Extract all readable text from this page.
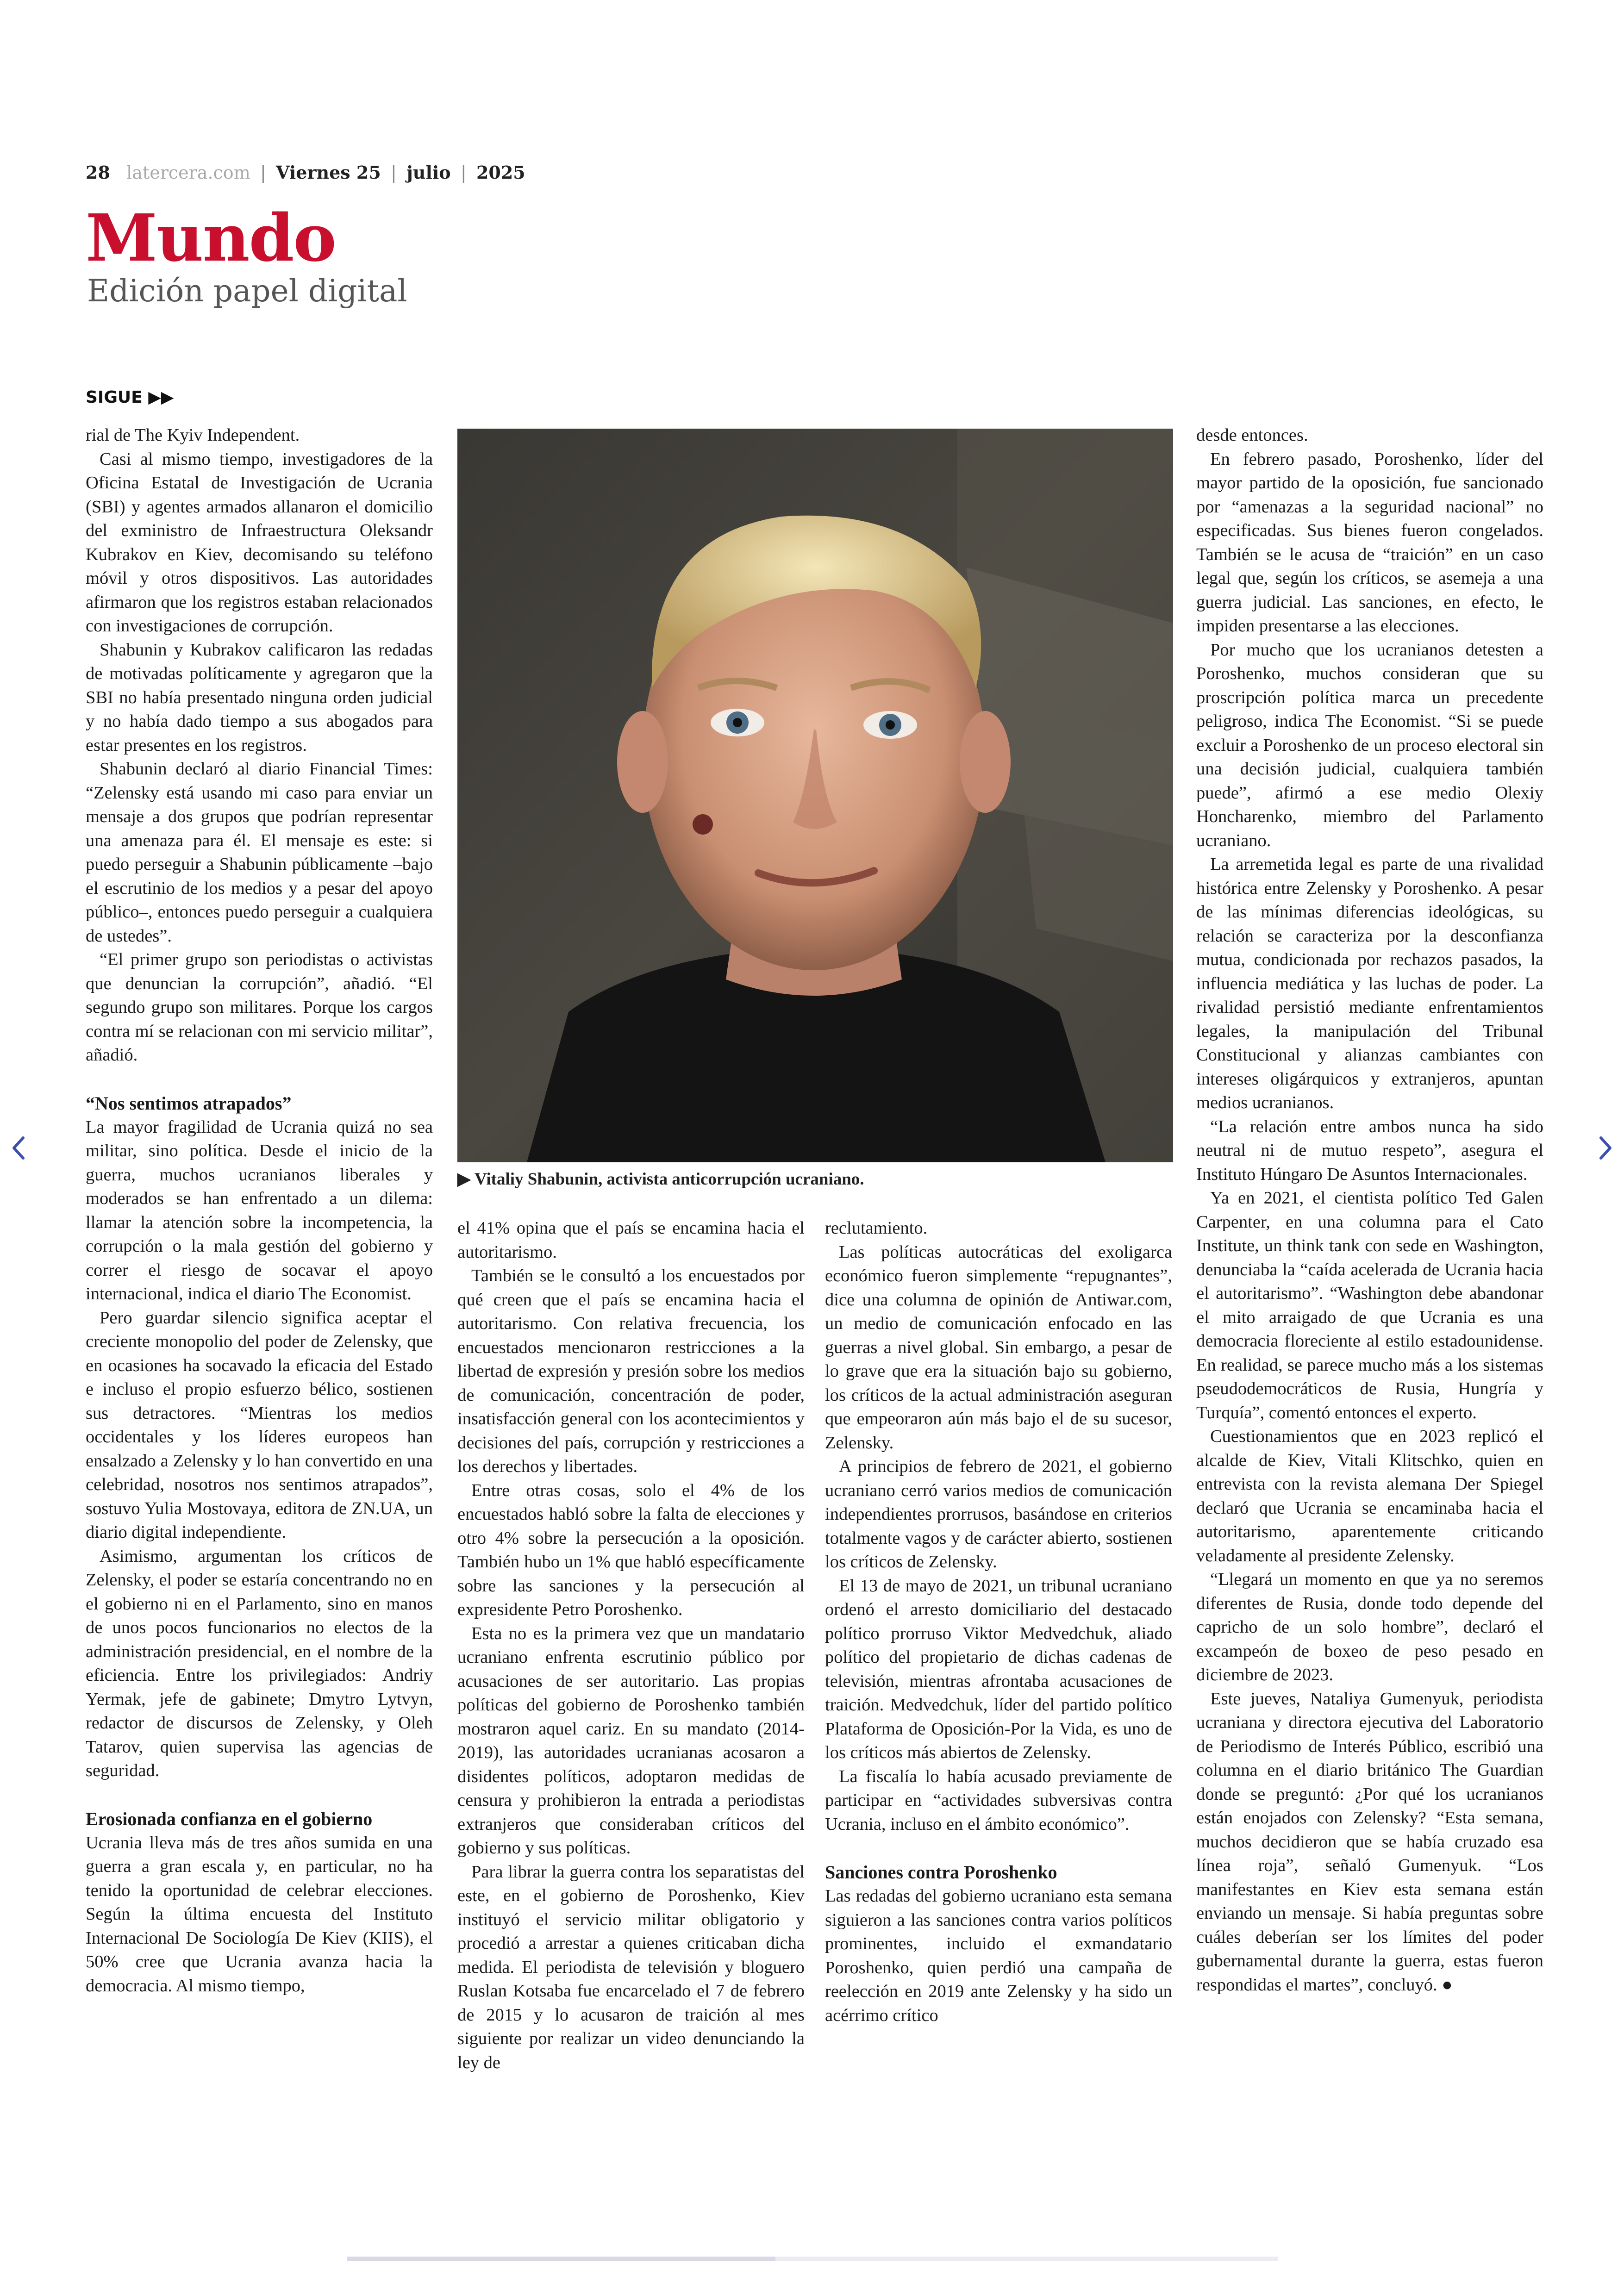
28 latercera.com | Viernes 25 | julio | 2025
Mundo
Edición papel digital
SIGUE ▶▶

rial de The Kyiv Independent.

Casi al mismo tiempo, investigadores de la Oficina Estatal de Investigación de Ucrania (SBI) y agentes armados allanaron el domicilio del exministro de Infraestructura Oleksandr Kubrakov en Kiev, decomisando su teléfono móvil y otros dispositivos. Las autoridades afirmaron que los registros estaban relacionados con investigaciones de corrupción.

Shabunin y Kubrakov calificaron las redadas de motivadas políticamente y agregaron que la SBI no había presentado ninguna orden judicial y no había dado tiempo a sus abogados para estar presentes en los registros.

Shabunin declaró al diario Financial Times: “Zelensky está usando mi caso para enviar un mensaje a dos grupos que podrían representar una amenaza para él. El mensaje es este: si puedo perseguir a Shabunin públicamente –bajo el escrutinio de los medios y a pesar del apoyo público–, entonces puedo perseguir a cualquiera de ustedes”.

“El primer grupo son periodistas o activistas que denuncian la corrupción”, añadió. “El segundo grupo son militares. Porque los cargos contra mí se relacionan con mi servicio militar”, añadió.

“Nos sentimos atrapados”

La mayor fragilidad de Ucrania quizá no sea militar, sino política. Desde el inicio de la guerra, muchos ucranianos liberales y moderados se han enfrentado a un dilema: llamar la atención sobre la incompetencia, la corrupción o la mala gestión del gobierno y correr el riesgo de socavar el apoyo internacional, indica el diario The Economist.

Pero guardar silencio significa aceptar el creciente monopolio del poder de Zelensky, que en ocasiones ha socavado la eficacia del Estado e incluso el propio esfuerzo bélico, sostienen sus detractores. “Mientras los medios occidentales y los líderes europeos han ensalzado a Zelensky y lo han convertido en una celebridad, nosotros nos sentimos atrapados”, sostuvo Yulia Mostovaya, editora de ZN.UA, un diario digital independiente.

Asimismo, argumentan los críticos de Zelensky, el poder se estaría concentrando no en el gobierno ni en el Parlamento, sino en manos de unos pocos funcionarios no electos de la administración presidencial, en el nombre de la eficiencia. Entre los privilegiados: Andriy Yermak, jefe de gabinete; Dmytro Lytvyn, redactor de discursos de Zelensky, y Oleh Tatarov, quien supervisa las agencias de seguridad.

Erosionada confianza en el gobierno

Ucrania lleva más de tres años sumida en una guerra a gran escala y, en particular, no ha tenido la oportunidad de celebrar elecciones. Según la última encuesta del Instituto Internacional De Sociología De Kiev (KIIS), el 50% cree que Ucrania avanza hacia la democracia. Al mismo tiempo,

▶ Vitaliy Shabunin, activista anticorrupción ucraniano.

el 41% opina que el país se encamina hacia el autoritarismo.

También se le consultó a los encuestados por qué creen que el país se encamina hacia el autoritarismo. Con relativa frecuencia, los encuestados mencionaron restricciones a la libertad de expresión y presión sobre los medios de comunicación, concentración de poder, insatisfacción general con los acontecimientos y decisiones del país, corrupción y restricciones a los derechos y libertades.

Entre otras cosas, solo el 4% de los encuestados habló sobre la falta de elecciones y otro 4% sobre la persecución a la oposición. También hubo un 1% que habló específicamente sobre las sanciones y la persecución al expresidente Petro Poroshenko.

Esta no es la primera vez que un mandatario ucraniano enfrenta escrutinio público por acusaciones de ser autoritario. Las propias políticas del gobierno de Poroshenko también mostraron aquel cariz. En su mandato (2014-2019), las autoridades ucranianas acosaron a disidentes políticos, adoptaron medidas de censura y prohibieron la entrada a periodistas extranjeros que consideraban críticos del gobierno y sus políticas.

Para librar la guerra contra los separatistas del este, en el gobierno de Poroshenko, Kiev instituyó el servicio militar obligatorio y procedió a arrestar a quienes criticaban dicha medida. El periodista de televisión y bloguero Ruslan Kotsaba fue encarcelado el 7 de febrero de 2015 y lo acusaron de traición al mes siguiente por realizar un video denunciando la ley de

reclutamiento.

Las políticas autocráticas del exoligarca económico fueron simplemente “repugnantes”, dice una columna de opinión de Antiwar.com, un medio de comunicación enfocado en las guerras a nivel global. Sin embargo, a pesar de lo grave que era la situación bajo su gobierno, los críticos de la actual administración aseguran que empeoraron aún más bajo el de su sucesor, Zelensky.

A principios de febrero de 2021, el gobierno ucraniano cerró varios medios de comunicación independientes prorrusos, basándose en criterios totalmente vagos y de carácter abierto, sostienen los críticos de Zelensky.

El 13 de mayo de 2021, un tribunal ucraniano ordenó el arresto domiciliario del destacado político prorruso Viktor Medvedchuk, aliado político del propietario de dichas cadenas de televisión, mientras afrontaba acusaciones de traición. Medvedchuk, líder del partido político Plataforma de Oposición-Por la Vida, es uno de los críticos más abiertos de Zelensky.

La fiscalía lo había acusado previamente de participar en “actividades subversivas contra Ucrania, incluso en el ámbito económico”.

Sanciones contra Poroshenko

Las redadas del gobierno ucraniano esta semana siguieron a las sanciones contra varios políticos prominentes, incluido el exmandatario Poroshenko, quien perdió una campaña de reelección en 2019 ante Zelensky y ha sido un acérrimo crítico

desde entonces.

En febrero pasado, Poroshenko, líder del mayor partido de la oposición, fue sancionado por “amenazas a la seguridad nacional” no especificadas. Sus bienes fueron congelados. También se le acusa de “traición” en un caso legal que, según los críticos, se asemeja a una guerra judicial. Las sanciones, en efecto, le impiden presentarse a las elecciones.

Por mucho que los ucranianos detesten a Poroshenko, muchos consideran que su proscripción política marca un precedente peligroso, indica The Economist. “Si se puede excluir a Poroshenko de un proceso electoral sin una decisión judicial, cualquiera también puede”, afirmó a ese medio Olexiy Honcharenko, miembro del Parlamento ucraniano.

La arremetida legal es parte de una rivalidad histórica entre Zelensky y Poroshenko. A pesar de las mínimas diferencias ideológicas, su relación se caracteriza por la desconfianza mutua, condicionada por rechazos pasados, la influencia mediática y las luchas de poder. La rivalidad persistió mediante enfrentamientos legales, la manipulación del Tribunal Constitucional y alianzas cambiantes con intereses oligárquicos y extranjeros, apuntan medios ucranianos.

“La relación entre ambos nunca ha sido neutral ni de mutuo respeto”, asegura el Instituto Húngaro De Asuntos Internacionales.

Ya en 2021, el cientista político Ted Galen Carpenter, en una columna para el Cato Institute, un think tank con sede en Washington, denunciaba la “caída acelerada de Ucrania hacia el autoritarismo”. “Washington debe abandonar el mito arraigado de que Ucrania es una democracia floreciente al estilo estadounidense. En realidad, se parece mucho más a los sistemas pseudodemocráticos de Rusia, Hungría y Turquía”, comentó entonces el experto.

Cuestionamientos que en 2023 replicó el alcalde de Kiev, Vitali Klitschko, quien en entrevista con la revista alemana Der Spiegel declaró que Ucrania se encaminaba hacia el autoritarismo, aparentemente criticando veladamente al presidente Zelensky.

“Llegará un momento en que ya no seremos diferentes de Rusia, donde todo depende del capricho de un solo hombre”, declaró el excampeón de boxeo de peso pesado en diciembre de 2023.

Este jueves, Nataliya Gumenyuk, periodista ucraniana y directora ejecutiva del Laboratorio de Periodismo de Interés Público, escribió una columna en el diario británico The Guardian donde se preguntó: ¿Por qué los ucranianos están enojados con Zelensky? “Esta semana, muchos decidieron que se había cruzado esa línea roja”, señaló Gumenyuk. “Los manifestantes en Kiev esta semana están enviando un mensaje. Si había preguntas sobre cuáles deberían ser los límites del poder gubernamental durante la guerra, estas fueron respondidas el martes”, concluyó. ●
